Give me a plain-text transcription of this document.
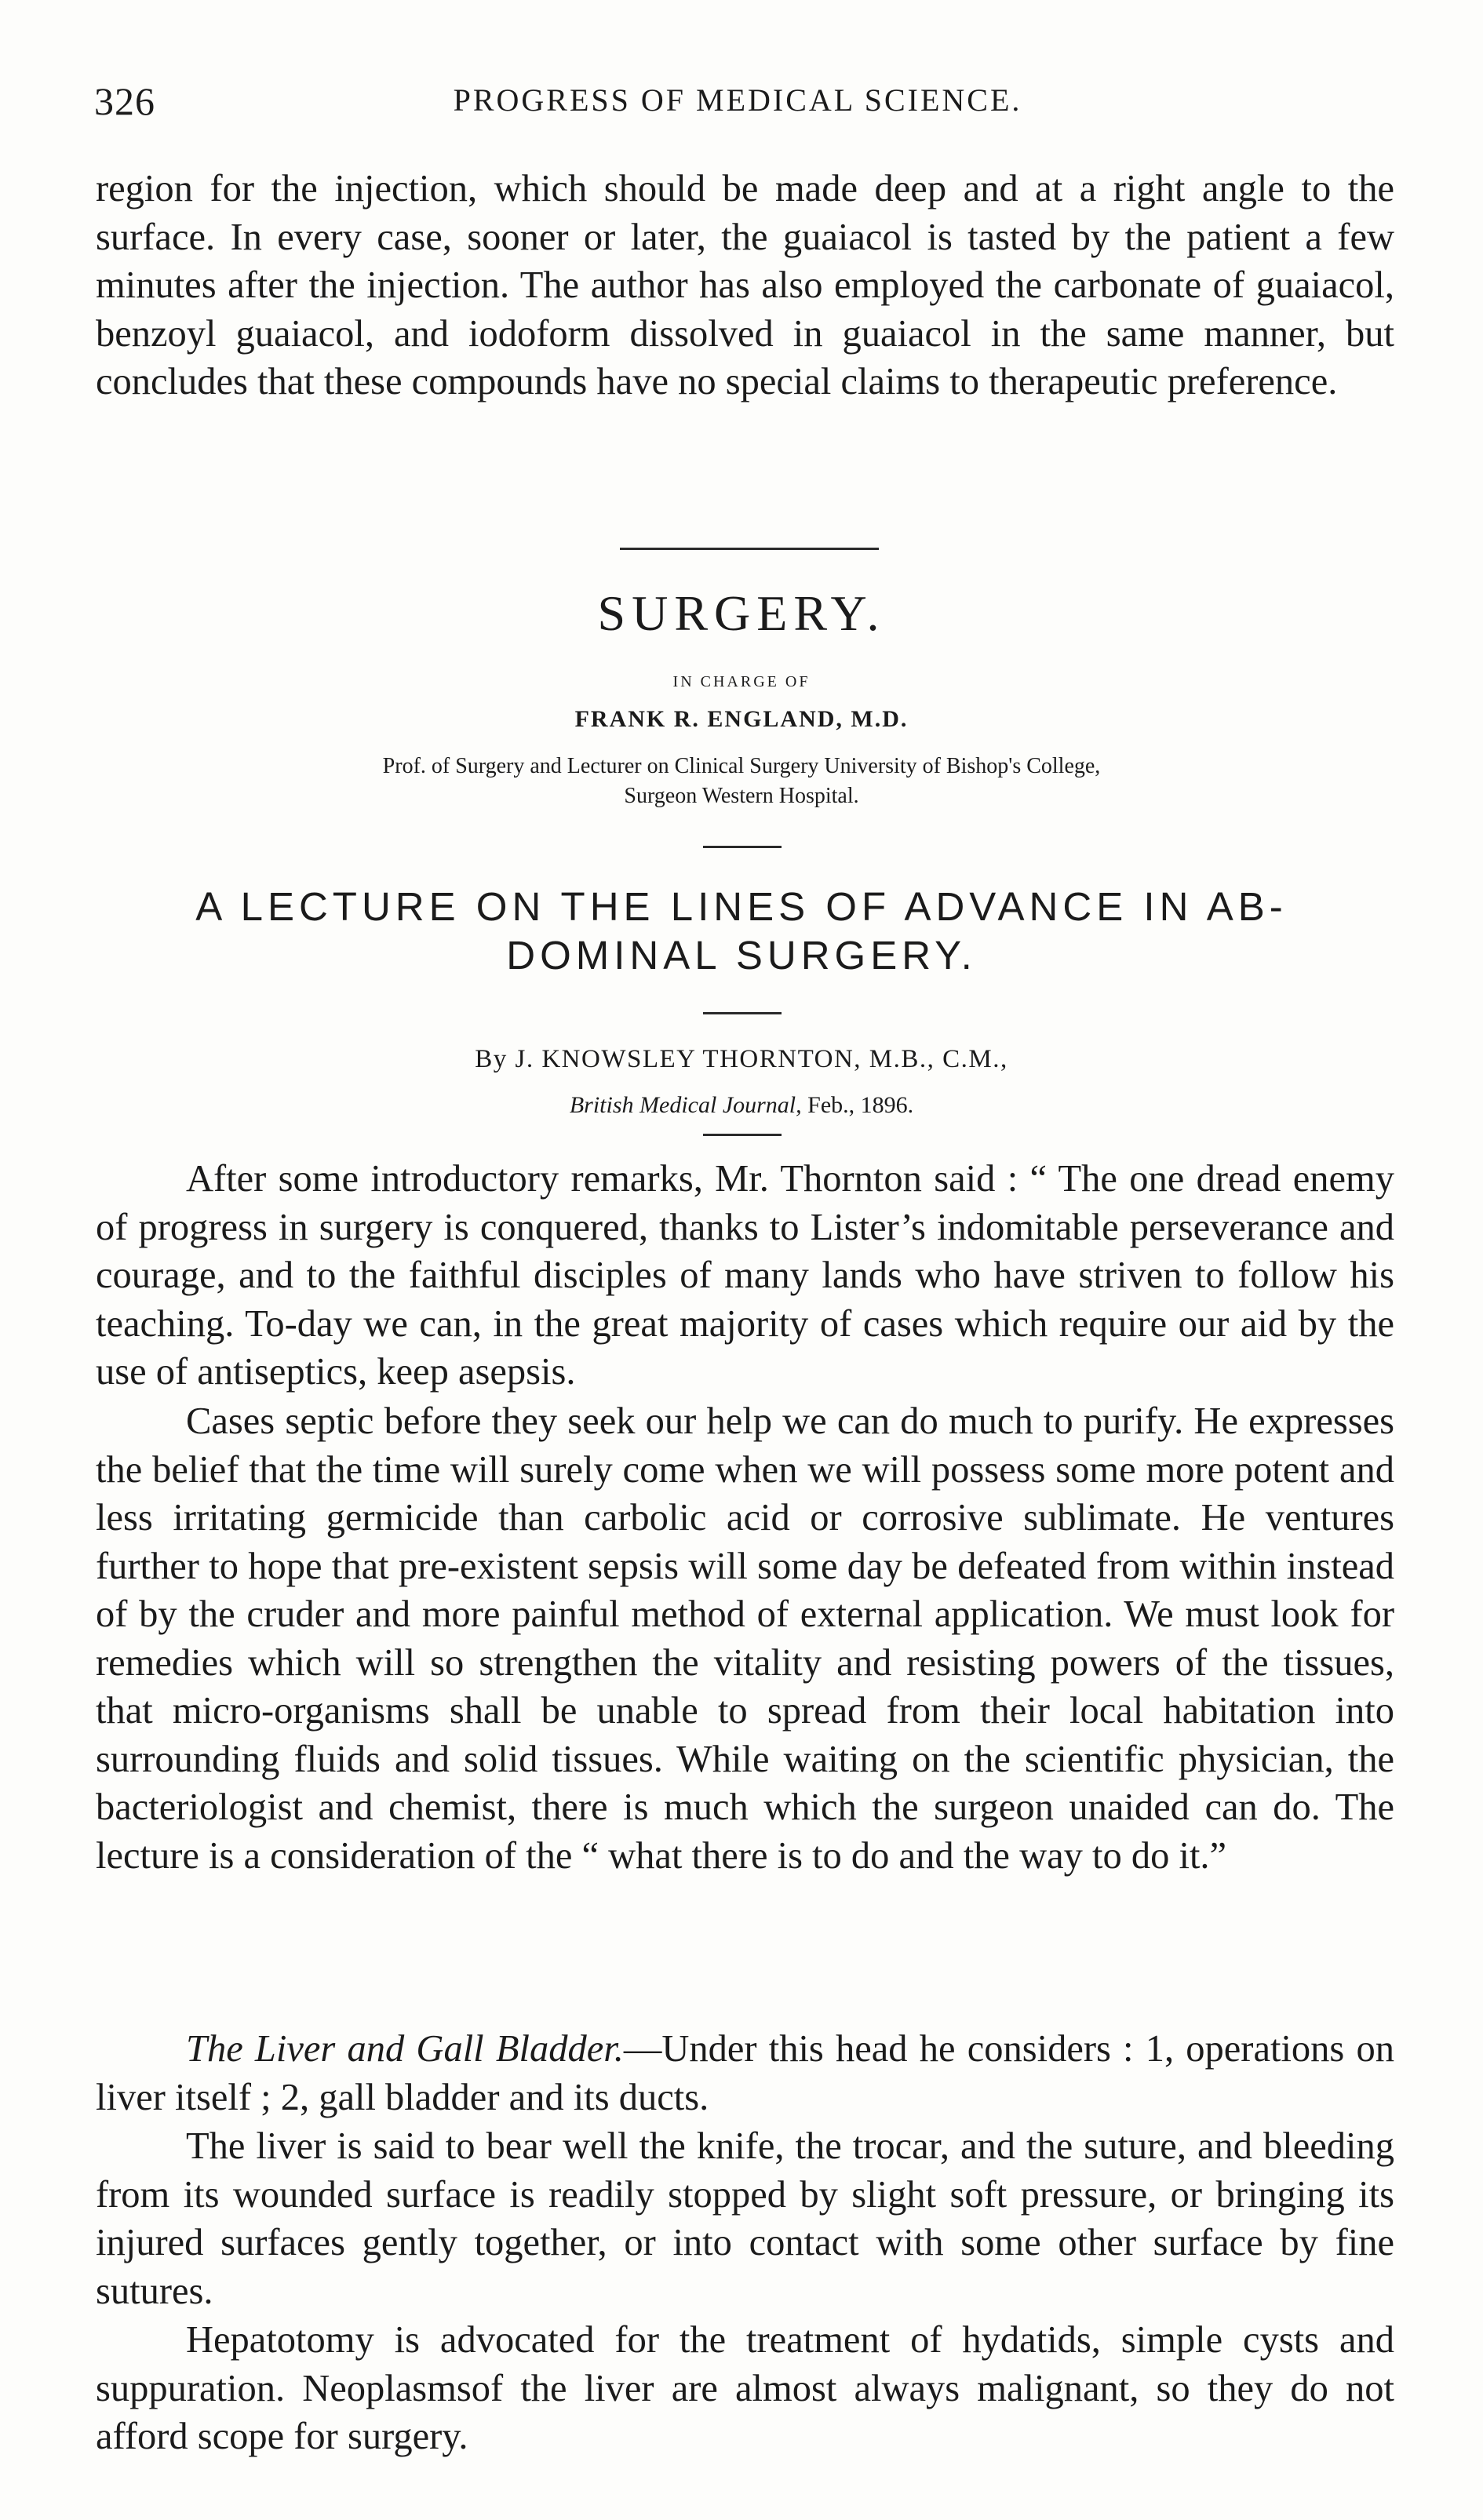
326	PROGRESS OF MEDICAL SCIENCE.

region for the injection, which should be made deep and at a right angle to the surface. In every case, sooner or later, the guaiacol is tasted by the patient a few minutes after the injection. The author has also employed the carbonate of guaiacol, benzoyl guaiacol, and iodoform dissolved in guaiacol in the same manner, but concludes that these compounds have no special claims to therapeutic preference.

SURGERY.
IN CHARGE OF
FRANK R. ENGLAND, M.D.
Prof. of Surgery and Lecturer on Clinical Surgery University of Bishop's College,
Surgeon Western Hospital.
A LECTURE ON THE LINES OF ADVANCE IN AB-
DOMINAL SURGERY.
By J. KNOWSLEY THORNTON, M.B., C.M.,
British Medical Journal, Feb., 1896.

After some introductory remarks, Mr. Thornton said : “ The one dread enemy of progress in surgery is conquered, thanks to Lister’s indomitable perseverance and courage, and to the faithful disciples of many lands who have striven to follow his teaching. To-day we can, in the great majority of cases which require our aid by the use of antiseptics, keep asepsis.

Cases septic before they seek our help we can do much to purify. He expresses the belief that the time will surely come when we will possess some more potent and less irritating germicide than carbolic acid or corrosive sublimate. He ventures further to hope that pre-existent sepsis will some day be defeated from within instead of by the cruder and more painful method of external application. We must look for remedies which will so strengthen the vitality and resisting powers of the tissues, that micro-organisms shall be unable to spread from their local habitation into surrounding fluids and solid tissues. While waiting on the scientific physician, the bacteriologist and chemist, there is much which the surgeon unaided can do. The lecture is a consideration of the “ what there is to do and the way to do it.”

The Liver and Gall Bladder.—Under this head he considers : 1, operations on liver itself ; 2, gall bladder and its ducts.

The liver is said to bear well the knife, the trocar, and the suture, and bleeding from its wounded surface is readily stopped by slight soft pressure, or bringing its injured surfaces gently together, or into contact with some other surface by fine sutures.

Hepatotomy is advocated for the treatment of hydatids, simple cysts and suppuration. Neoplasmsof the liver are almost always malignant, so they do not afford scope for surgery.
